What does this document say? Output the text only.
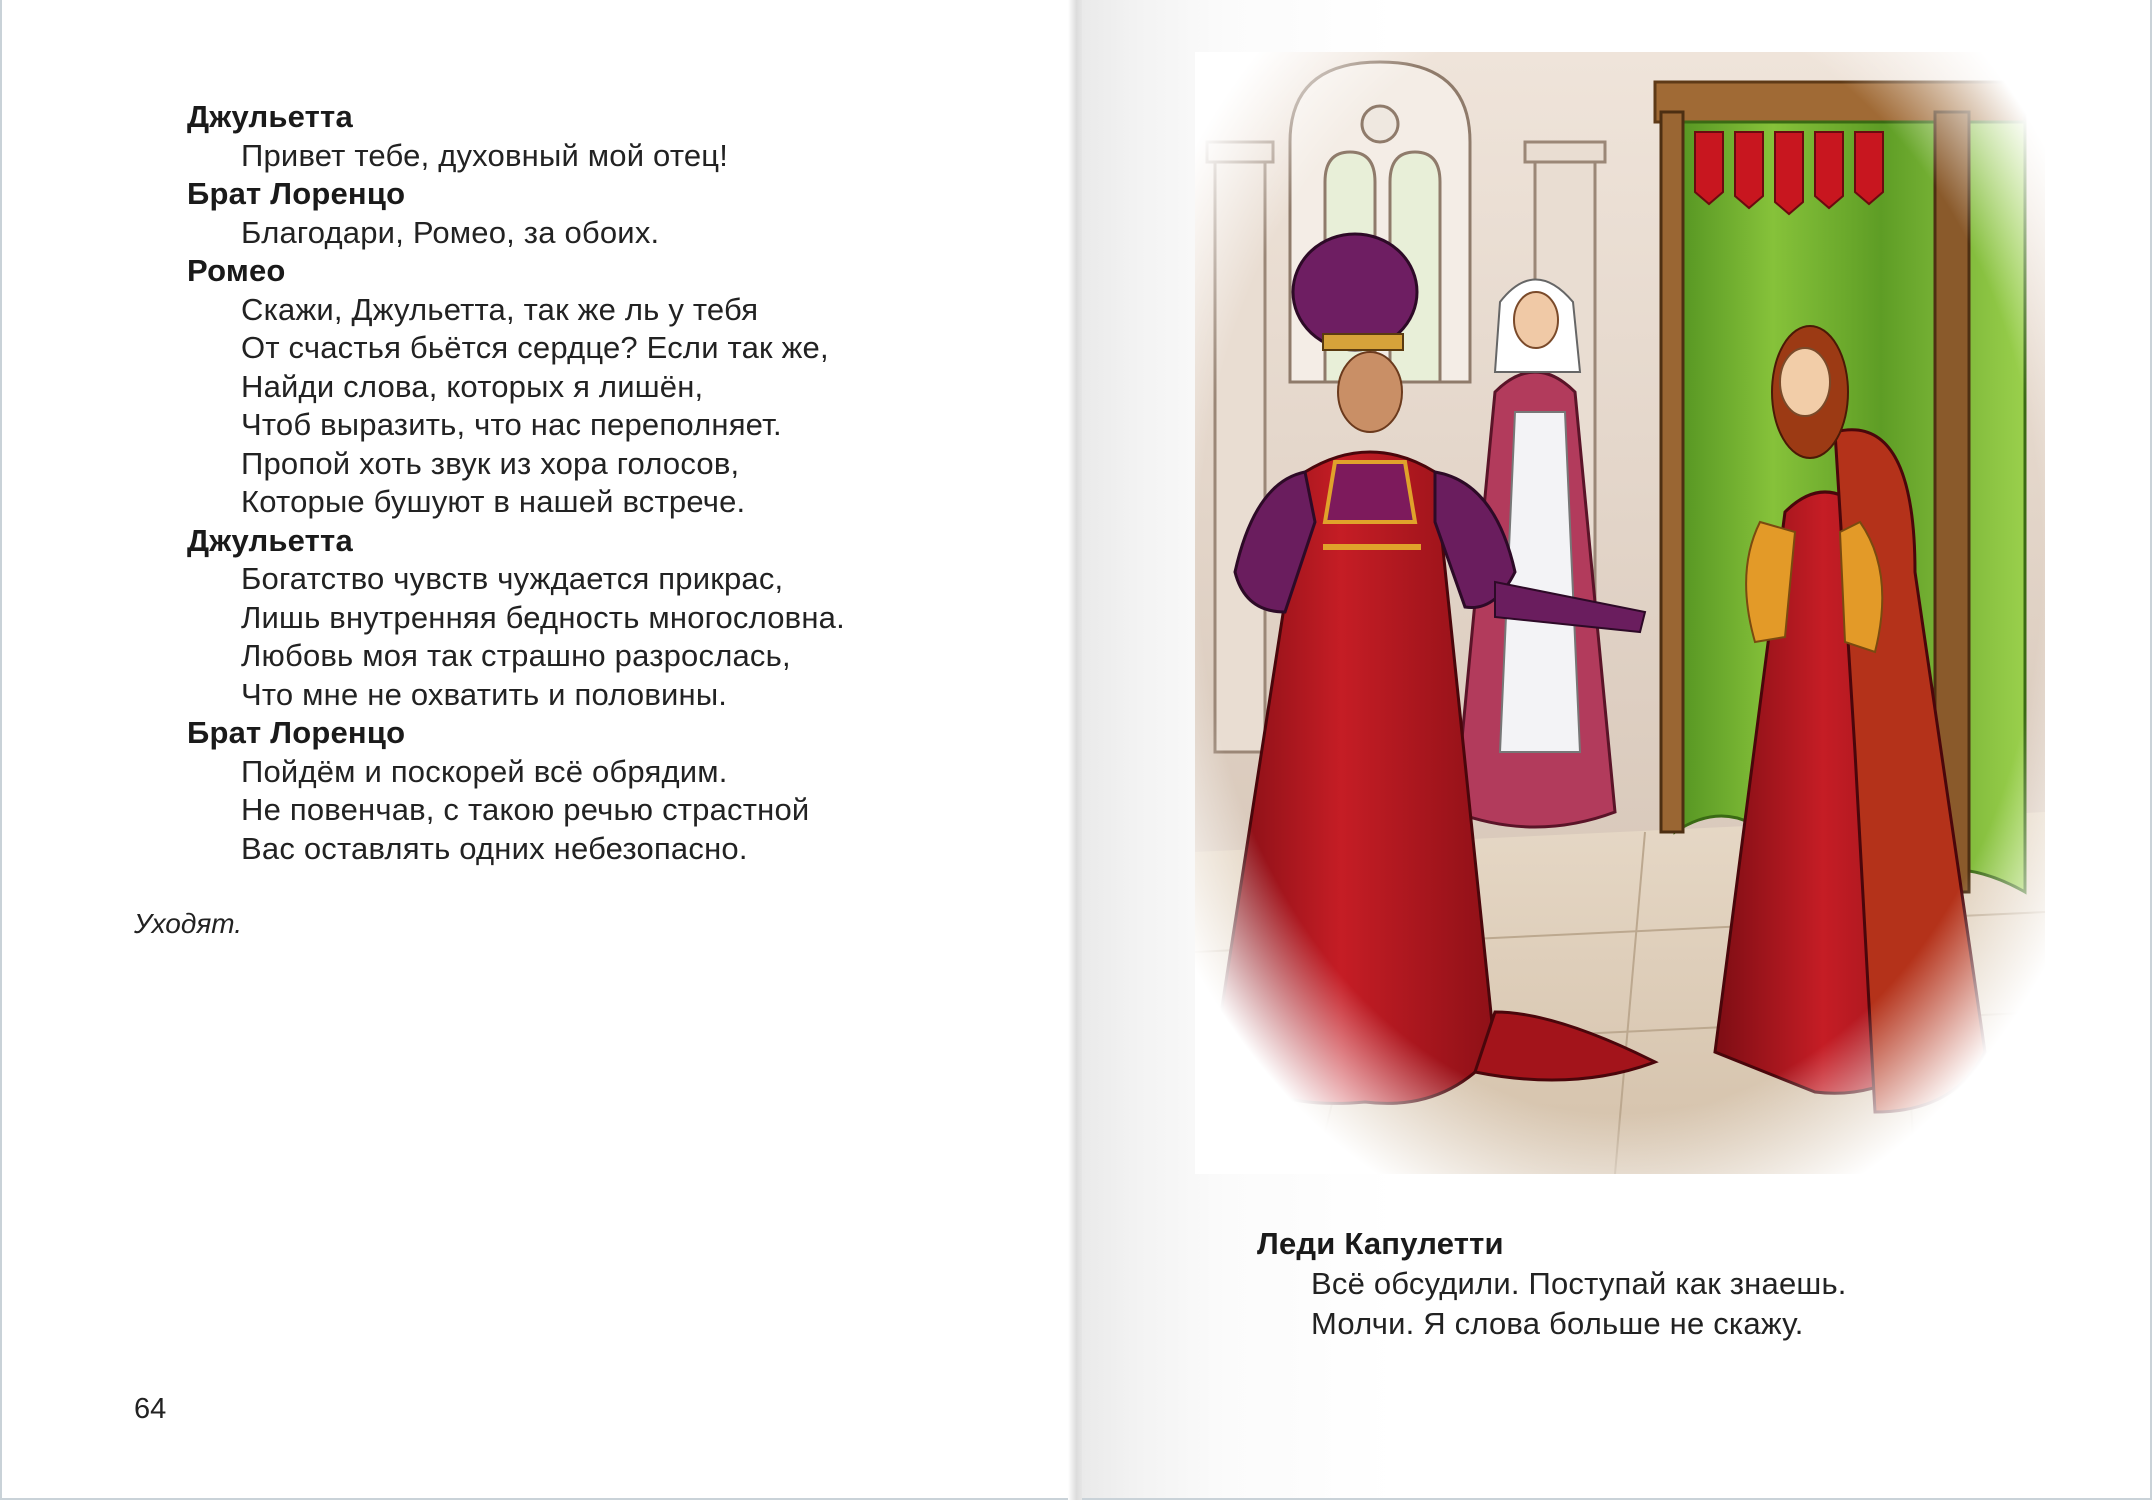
Джульетта
Привет тебе, духовный мой отец!
Брат Лоренцо
Благодари, Ромео, за обоих.
Ромео
Скажи, Джульетта, так же ль у тебя
От счастья бьётся сердце? Если так же,
Найди слова, которых я лишён,
Чтоб выразить, что нас переполняет.
Пропой хоть звук из хора голосов,
Которые бушуют в нашей встрече.
Джульетта
Богатство чувств чуждается прикрас,
Лишь внутренняя бедность многословна.
Любовь моя так страшно разрослась,
Что мне не охватить и половины.
Брат Лоренцо
Пойдём и поскорей всё обрядим.
Не повенчав, с такою речью страстной
Вас оставлять одних небезопасно.
Уходят.
64
Леди Капулетти
Всё обсудили. Поступай как знаешь.
Молчи. Я слова больше не скажу.
